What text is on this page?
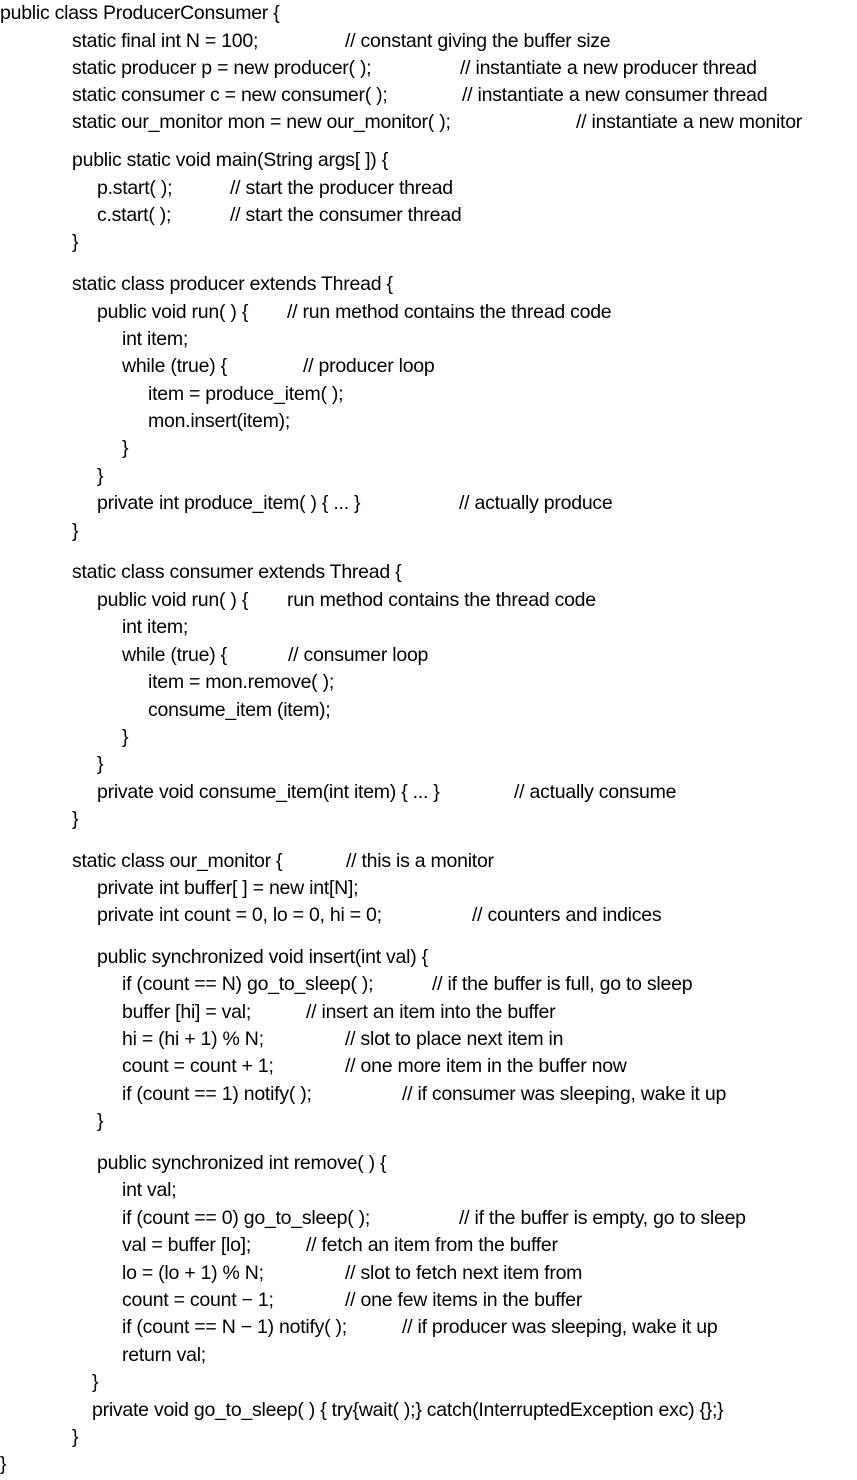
public class ProducerConsumer {
static final int N = 100;	// constant giving the buffer size
static producer p = new producer( );	// instantiate a new producer thread
static consumer c = new consumer( );	// instantiate a new consumer thread
static our_monitor mon = new our_monitor( );	// instantiate a new monitor
public static void main(String args[ ]) {
p.start( );	// start the producer thread
c.start( );	// start the consumer thread
}
static class producer extends Thread {
public void run( ) { // run method contains the thread code
int item;
while (true) {	// producer loop
item = produce_item( );
mon.insert(item);
}
}
private int produce_item( ) { ... }	// actually produce
}
static class consumer extends Thread {
public void run( ) { run method contains the thread code
int item;
while (true) {	// consumer loop
item = mon.remove( );
consume_item (item);
}
}
private void consume_item(int item) { ... }	// actually consume
}
static class our_monitor {	// this is a monitor
private int buffer[ ] = new int[N];
private int count = 0, lo = 0, hi = 0;	// counters and indices
public synchronized void insert(int val) {
if (count == N) go_to_sleep( );	// if the buffer is full, go to sleep
buffer [hi] = val;	// insert an item into the buffer
hi = (hi + 1) % N;	// slot to place next item in
count = count + 1;	// one more item in the buffer now
if (count == 1) notify( );	// if consumer was sleeping, wake it up
}
public synchronized int remove( ) {
int val;
if (count == 0) go_to_sleep( );	// if the buffer is empty, go to sleep
val = buffer [lo];	// fetch an item from the buffer
lo = (lo + 1) % N;	// slot to fetch next item from
count = count − 1;	// one few items in the buffer
if (count == N − 1) notify( );	// if producer was sleeping, wake it up
return val;
}
private void go_to_sleep( ) { try{wait( );} catch(InterruptedException exc) {};}
}
}
